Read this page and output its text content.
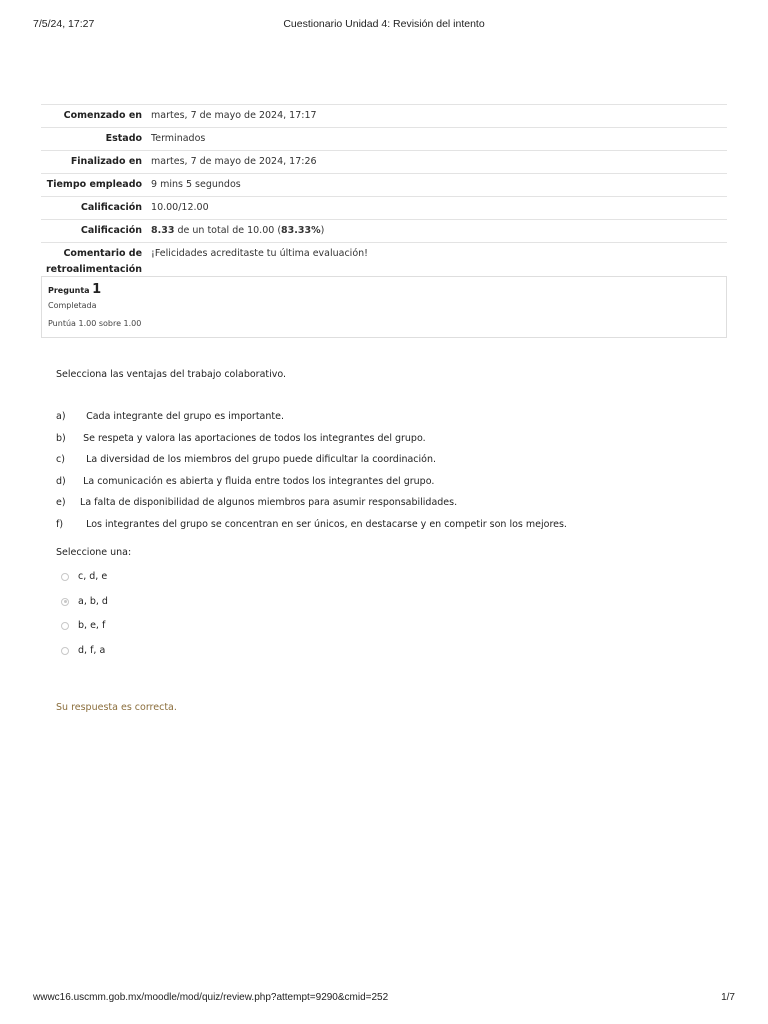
7/5/24, 17:27	Cuestionario Unidad 4: Revisión del intento
Comenzado en	martes, 7 de mayo de 2024, 17:17
Estado	Terminados
Finalizado en	martes, 7 de mayo de 2024, 17:26
Tiempo empleado	9 mins 5 segundos
Calificación	10.00/12.00
Calificación	8.33 de un total de 10.00 (83.33%)
Comentario de retroalimentación	¡Felicidades acreditaste tu última evaluación!
Pregunta 1
Completada
Puntúa 1.00 sobre 1.00
Selecciona las ventajas del trabajo colaborativo.
a) Cada integrante del grupo es importante.
b) Se respeta y valora las aportaciones de todos los integrantes del grupo.
c) La diversidad de los miembros del grupo puede dificultar la coordinación.
d) La comunicación es abierta y fluida entre todos los integrantes del grupo.
e) La falta de disponibilidad de algunos miembros para asumir responsabilidades.
f) Los integrantes del grupo se concentran en ser únicos, en destacarse y en competir son los mejores.
Seleccione una:
c, d, e
a, b, d
b, e, f
d, f, a
Su respuesta es correcta.
wwwc16.uscmm.gob.mx/moodle/mod/quiz/review.php?attempt=9290&cmid=252	1/7
